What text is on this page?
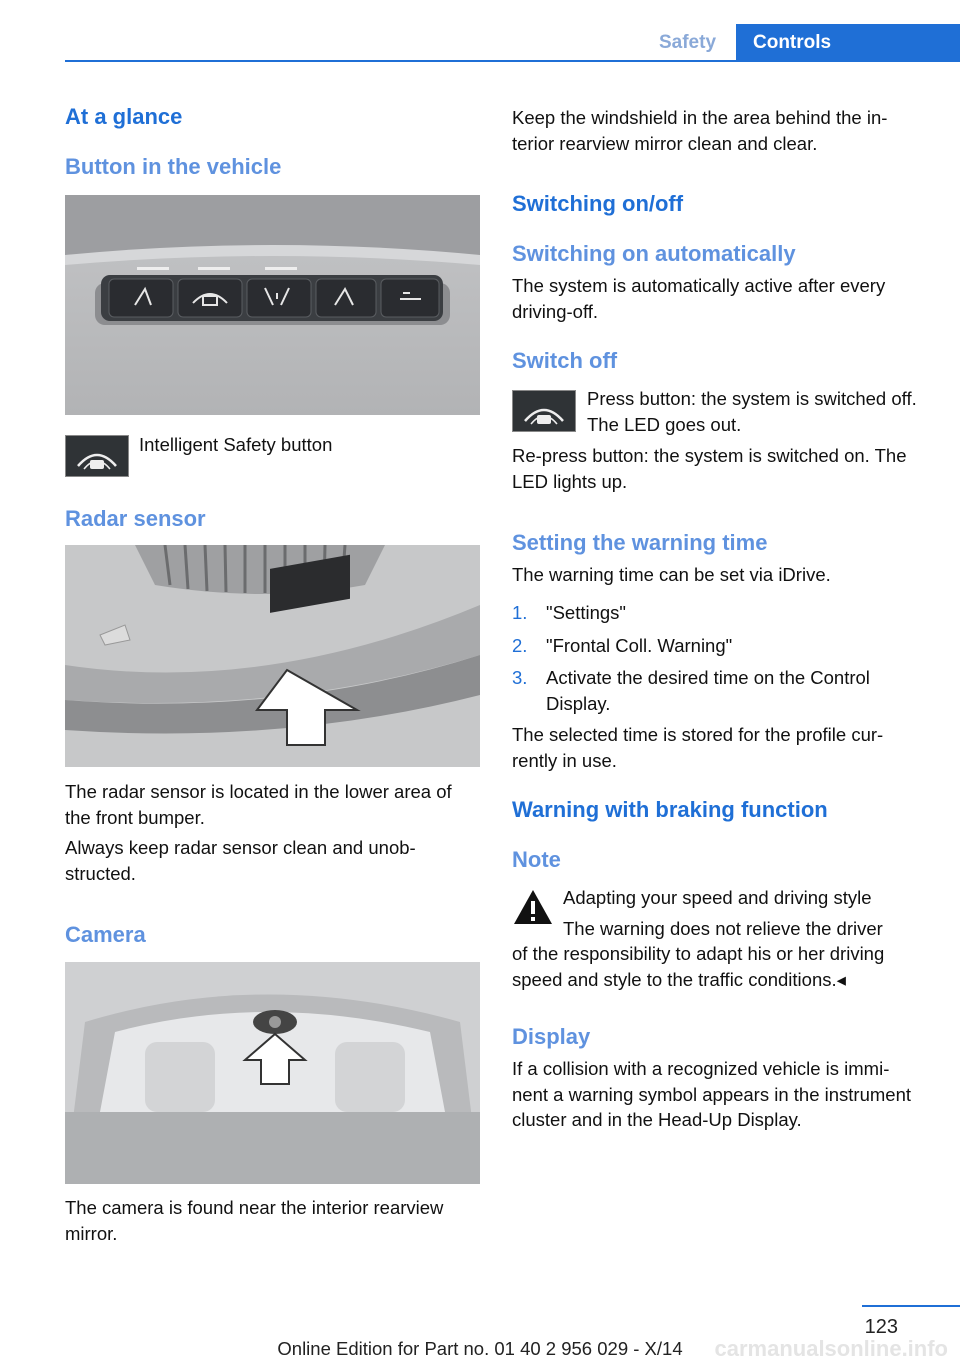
Safety	Controls
At a glance
Button in the vehicle
Intelligent Safety button
Radar sensor
The radar sensor is located in the lower area of the front bumper.
Always keep radar sensor clean and unobstructed.
Camera
The camera is found near the interior rearview mirror.
Keep the windshield in the area behind the interior rearview mirror clean and clear.
Switching on/off
Switching on automatically
The system is automatically active after every driving-off.
Switch off
Press button: the system is switched off. The LED goes out.
Re-press button: the system is switched on. The LED lights up.
Setting the warning time
The warning time can be set via iDrive.
1. "Settings"
2. "Frontal Coll. Warning"
3. Activate the desired time on the Control Display.
The selected time is stored for the profile currently in use.
Warning with braking function
Note
Adapting your speed and driving style
The warning does not relieve the driver
of the responsibility to adapt his or her driving speed and style to the traffic conditions.◂
Display
If a collision with a recognized vehicle is imminent a warning symbol appears in the instrument cluster and in the Head-Up Display.
123
Online Edition for Part no. 01 40 2 956 029 - X/14	carmanualsonline.info
